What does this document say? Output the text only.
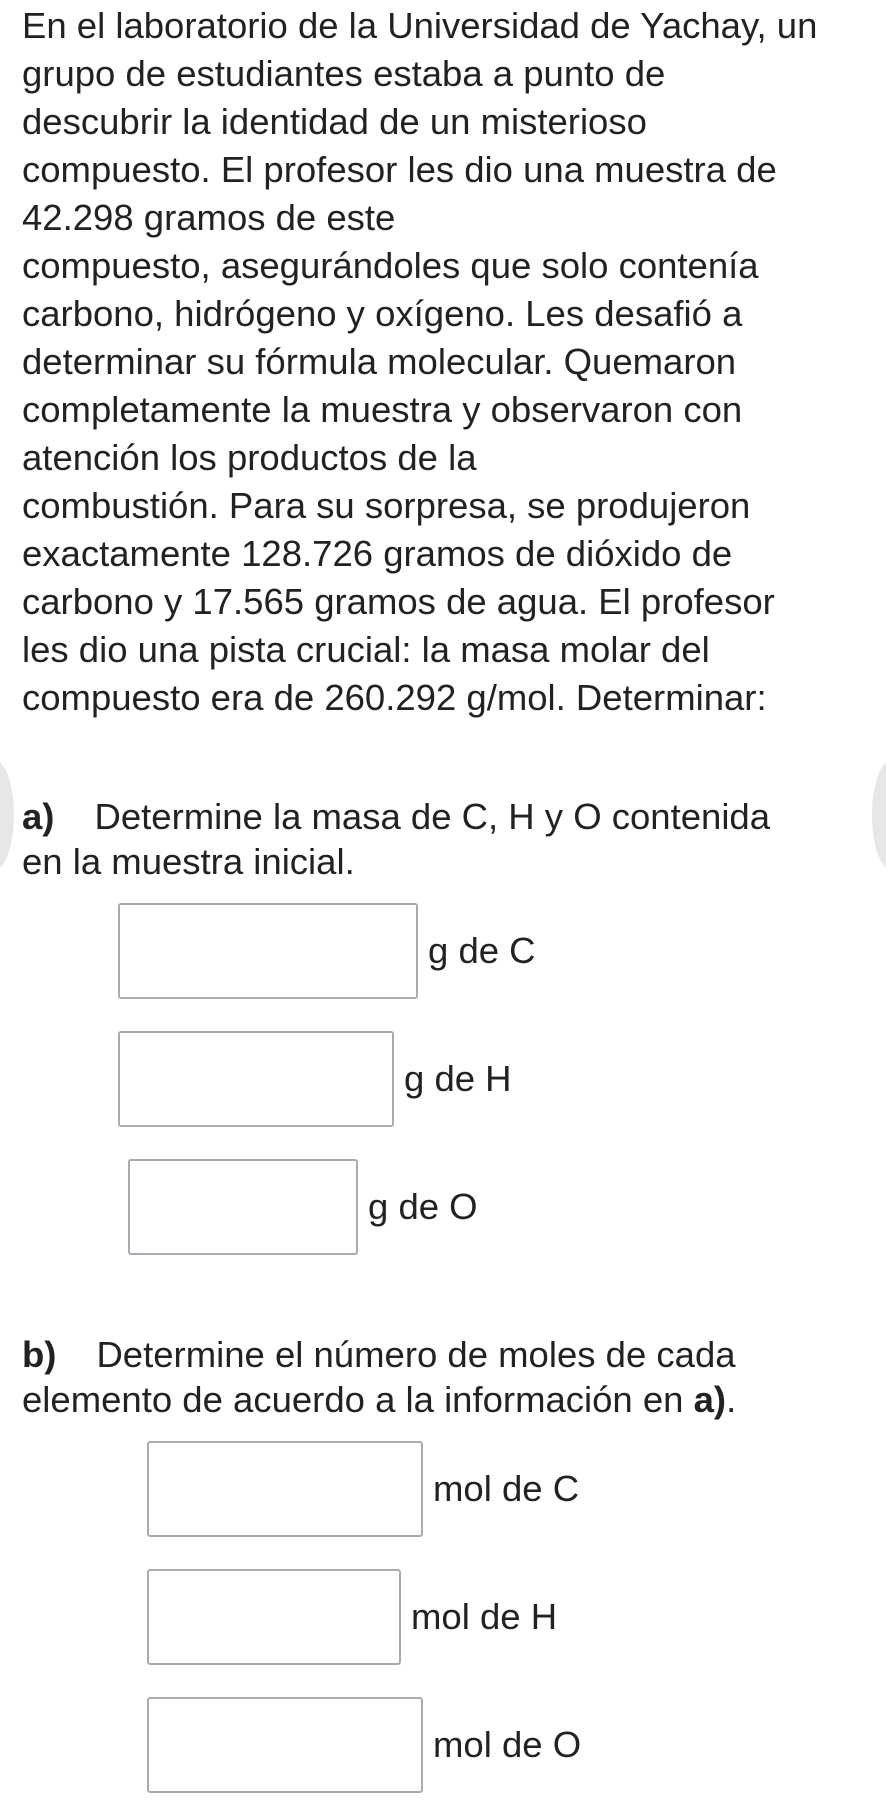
En el laboratorio de la Universidad de Yachay, un
grupo de estudiantes estaba a punto de
descubrir la identidad de un misterioso
compuesto. El profesor les dio una muestra de
42.298 gramos de este
compuesto, asegurándoles que solo contenía
carbono, hidrógeno y oxígeno. Les desafió a
determinar su fórmula molecular. Quemaron
completamente la muestra y observaron con
atención los productos de la
combustión. Para su sorpresa, se produjeron
exactamente 128.726 gramos de dióxido de
carbono y 17.565 gramos de agua. El profesor
les dio una pista crucial: la masa molar del
compuesto era de 260.292 g/mol. Determinar:

a) Determine la masa de C, H y O contenida
en la muestra inicial.

g de C
g de H
g de O

b) Determine el número de moles de cada
elemento de acuerdo a la información en a).

mol de C
mol de H
mol de O
